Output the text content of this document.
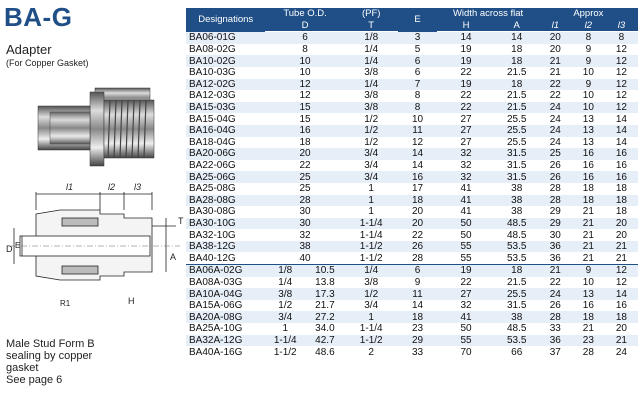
BA-G
Adapter
(For Copper Gasket)
l1	l2 l3
T
D E
A
R1	H
Male Stud Form B
sealing by copper
gasket
See page 6
Designations	Tube O.D.		(PF)	E	Width across flat		Approx		
	D		T		H	A	l1	l2	l3
BA06-01G	6		1/8	3	14	14	20	8	8
BA08-02G	8		1/4	5	19	18	20	9	12
BA10-02G	10		1/4	6	19	18	21	9	12
BA10-03G	10		3/8	6	22	21.5	21	10	12
BA12-02G	12		1/4	7	19	18	22	9	12
BA12-03G	12		3/8	8	22	21.5	22	10	12
BA15-03G	15		3/8	8	22	21.5	24	10	12
BA15-04G	15		1/2	10	27	25.5	24	13	14
BA16-04G	16		1/2	11	27	25.5	24	13	14
BA18-04G	18		1/2	12	27	25.5	24	13	14
BA20-06G	20		3/4	14	32	31.5	25	16	16
BA22-06G	22		3/4	14	32	31.5	26	16	16
BA25-06G	25		3/4	16	32	31.5	26	16	16
BA25-08G	25		1	17	41	38	28	18	18
BA28-08G	28		1	18	41	38	28	18	18
BA30-08G	30		1	20	41	38	29	21	18
BA30-10G	30		1-1/4	20	50	48.5	29	21	20
BA32-10G	32		1-1/4	22	50	48.5	30	21	20
BA38-12G	38		1-1/2	26	55	53.5	36	21	21
BA40-12G	40		1-1/2	28	55	53.5	36	21	21
BA06A-02G	1/8	10.5	1/4	6	19	18	21	9	12
BA08A-03G	1/4	13.8	3/8	9	22	21.5	22	10	12
BA10A-04G	3/8	17.3	1/2	11	27	25.5	24	13	14
BA15A-06G	1/2	21.7	3/4	14	32	31.5	26	16	16
BA20A-08G	3/4	27.2	1	18	41	38	28	18	18
BA25A-10G	1	34.0	1-1/4	23	50	48.5	33	21	20
BA32A-12G	1-1/4	42.7	1-1/2	29	55	53.5	36	23	21
BA40A-16G	1-1/2	48.6	2	33	70	66	37	28	24
